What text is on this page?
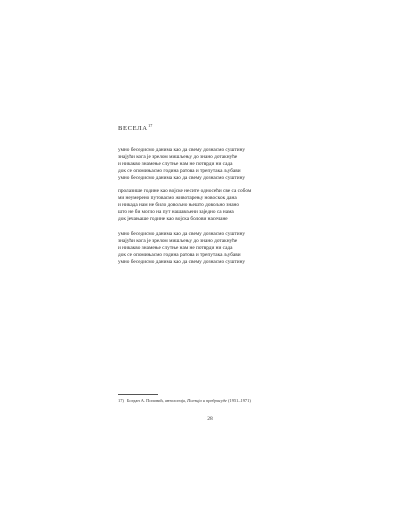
ВЕСЕЛА$^{17}$

умно беседисмо данима као да свему дознасмо суштину
знајући кога је зрелом мишљењу до знано дотакнуће
и никакво знамење слутње нам не потврди ни сада
док се опомињасмо година ратова и трепутака љубави
умно беседисмо данима као да свему дознасмо суштину

пролазише године као војске несите односећи све са собом
ми неумерено путовасмо животарењу новоскок дана
и никада нам не било довољно њешто довољно знано
што не би могло на пут нашављени заједно са нама
док јечањаше године као војска болови насечане

умно беседисмо данима као да свему дознасмо суштину
знајући кога је зрелом мишљењу до знано дотакнуће
и никакво знамење слутње нам не потврди ни сада
док се опомињасмо година ратова и трепутака љубави
умно беседисмо данима као да свему дознасмо суштину

17) Богдан А. Поповић, антологија, Поезија и предрасуде (1951–1971)
28
